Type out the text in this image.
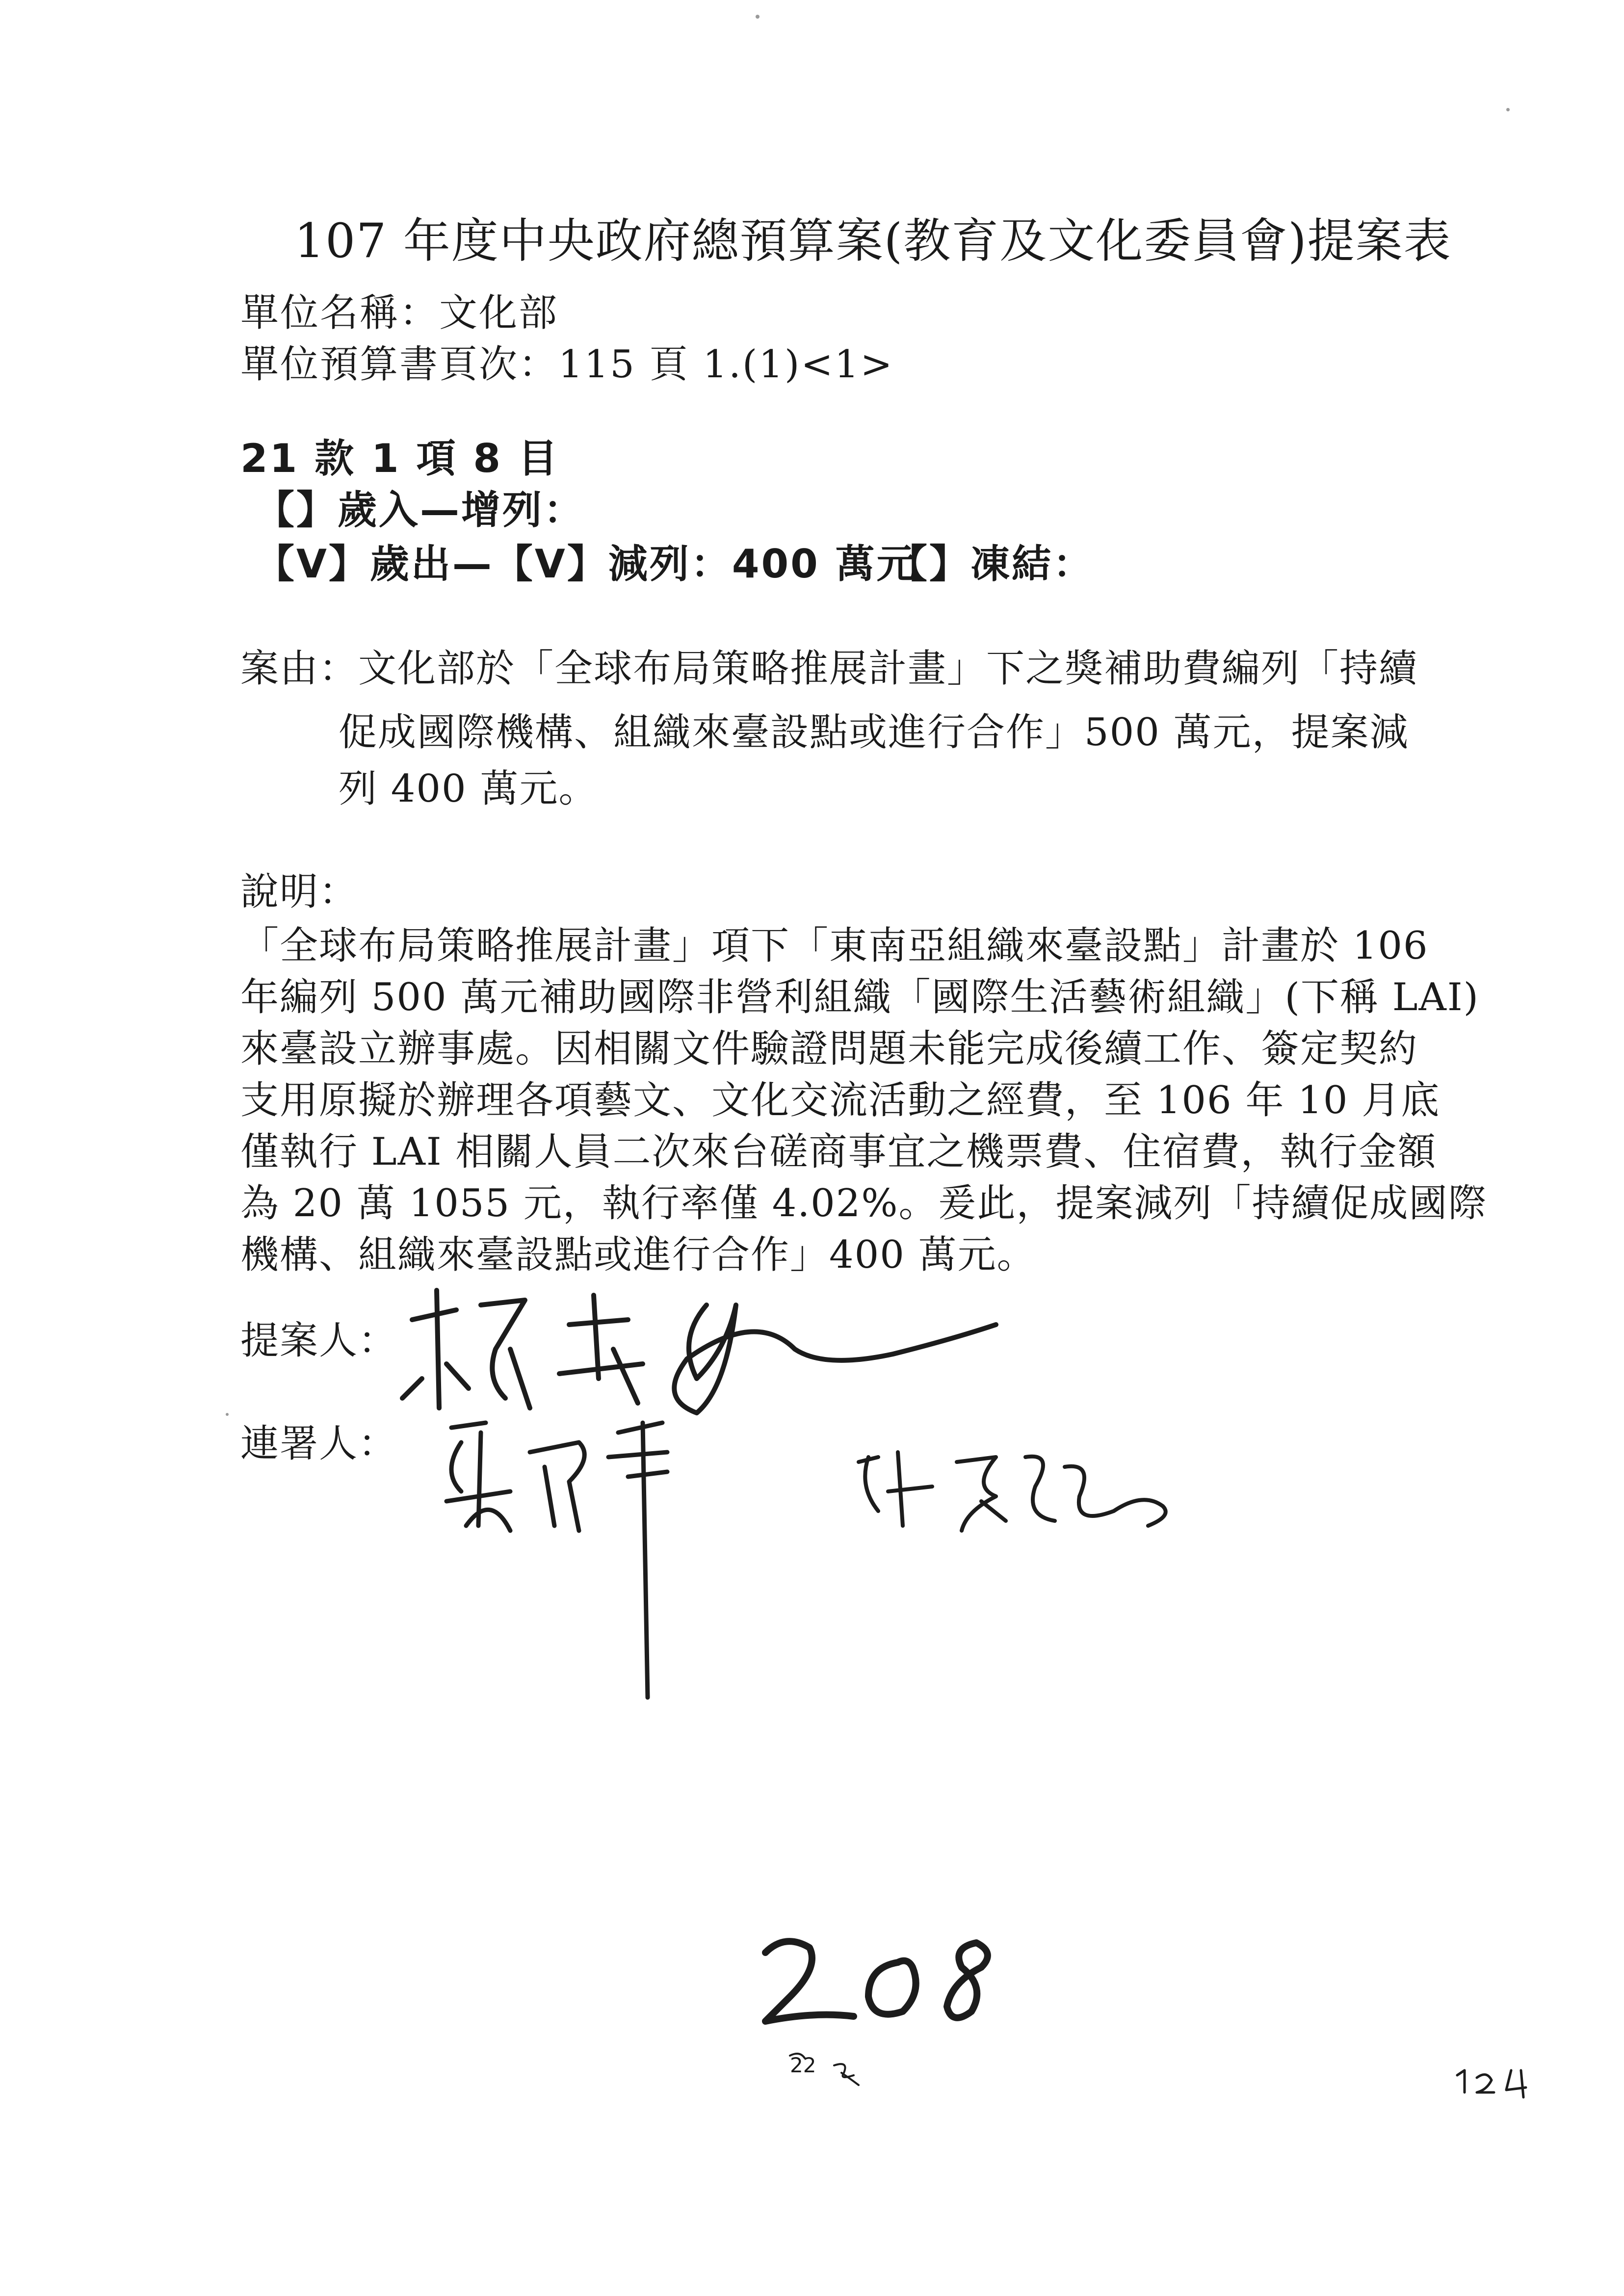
107 年度中央政府總預算案(教育及文化委員會)提案表
單位名稱：文化部
單位預算書頁次：115 頁 1.(1)<1>
21 款 1 項 8 目
【】歲入—增列：
【V】歲出—【V】減列：400 萬元
【】凍結：
案由：文化部於「全球布局策略推展計畫」下之獎補助費編列「持續
促成國際機構、組織來臺設點或進行合作」500 萬元，提案減
列 400 萬元。
說明：
「全球布局策略推展計畫」項下「東南亞組織來臺設點」計畫於 106
年編列 500 萬元補助國際非營利組織「國際生活藝術組織」(下稱 LAI)
來臺設立辦事處。因相關文件驗證問題未能完成後續工作、簽定契約
支用原擬於辦理各項藝文、文化交流活動之經費，至 106 年 10 月底
僅執行 LAI 相關人員二次來台磋商事宜之機票費、住宿費，執行金額
為 20 萬 1055 元，執行率僅 4.02%。爰此，提案減列「持續促成國際
機構、組織來臺設點或進行合作」400 萬元。
提案人：
連署人：
22
